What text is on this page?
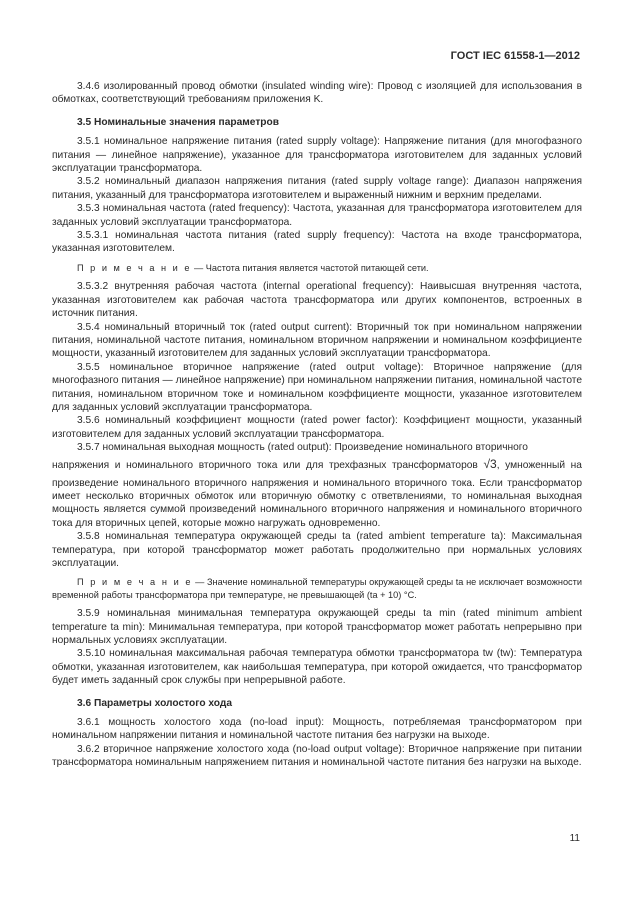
ГОСТ IEC 61558-1—2012

3.4.6 изолированный провод обмотки (insulated winding wire): Провод с изоляцией для использования в обмотках, соответствующий требованиям приложения K.

3.5 Номинальные значения параметров

3.5.1 номинальное напряжение питания (rated supply voltage): Напряжение питания (для многофазного питания — линейное напряжение), указанное для трансформатора изготовителем для заданных условий эксплуатации трансформатора.

3.5.2 номинальный диапазон напряжения питания (rated supply voltage range): Диапазон напряжения питания, указанный для трансформатора изготовителем и выраженный нижним и верхним пределами.

3.5.3 номинальная частота (rated frequency): Частота, указанная для трансформатора изготовителем для заданных условий эксплуатации трансформатора.

3.5.3.1 номинальная частота питания (rated supply frequency): Частота на входе трансформатора, указанная изготовителем.

П р и м е ч а н и е — Частота питания является частотой питающей сети.

3.5.3.2 внутренняя рабочая частота (internal operational frequency): Наивысшая внутренняя частота, указанная изготовителем как рабочая частота трансформатора или других компонентов, встроенных в источник питания.

3.5.4 номинальный вторичный ток (rated output current): Вторичный ток при номинальном напряжении питания, номинальной частоте питания, номинальном вторичном напряжении и номинальном коэффициенте мощности, указанный изготовителем для заданных условий эксплуатации трансформатора.

3.5.5 номинальное вторичное напряжение (rated output voltage): Вторичное напряжение (для многофазного питания — линейное напряжение) при номинальном напряжении питания, номинальной частоте питания, номинальном вторичном токе и номинальном коэффициенте мощности, указанное изготовителем для заданных условий эксплуатации трансформатора.

3.5.6 номинальный коэффициент мощности (rated power factor): Коэффициент мощности, указанный изготовителем для заданных условий эксплуатации трансформатора.

3.5.7 номинальная выходная мощность (rated output): Произведение номинального вторичного

напряжения и номинального вторичного тока или для трехфазных трансформаторов √3, умноженный на произведение номинального вторичного напряжения и номинального вторичного тока. Если трансформатор имеет несколько вторичных обмоток или вторичную обмотку с ответвлениями, то номинальная выходная мощность является суммой произведений номинального вторичного напряжения и номинального вторичного тока для вторичных цепей, которые можно нагружать одновременно.

3.5.8 номинальная температура окружающей среды ta (rated ambient temperature ta): Максимальная температура, при которой трансформатор может работать продолжительно при нормальных условиях эксплуатации.

П р и м е ч а н и е — Значение номинальной температуры окружающей среды ta не исключает возможности временной работы трансформатора при температуре, не превышающей (ta + 10) °C.

3.5.9 номинальная минимальная температура окружающей среды ta min (rated minimum ambient temperature ta min): Минимальная температура, при которой трансформатор может работать непрерывно при нормальных условиях эксплуатации.

3.5.10 номинальная максимальная рабочая температура обмотки трансформатора tw (tw): Температура обмотки, указанная изготовителем, как наибольшая температура, при которой ожидается, что трансформатор будет иметь заданный срок службы при непрерывной работе.

3.6 Параметры холостого хода

3.6.1 мощность холостого хода (no-load input): Мощность, потребляемая трансформатором при номинальном напряжении питания и номинальной частоте питания без нагрузки на выходе.

3.6.2 вторичное напряжение холостого хода (no-load output voltage): Вторичное напряжение при питании трансформатора номинальным напряжением питания и номинальной частоте питания без нагрузки на выходе.

11
